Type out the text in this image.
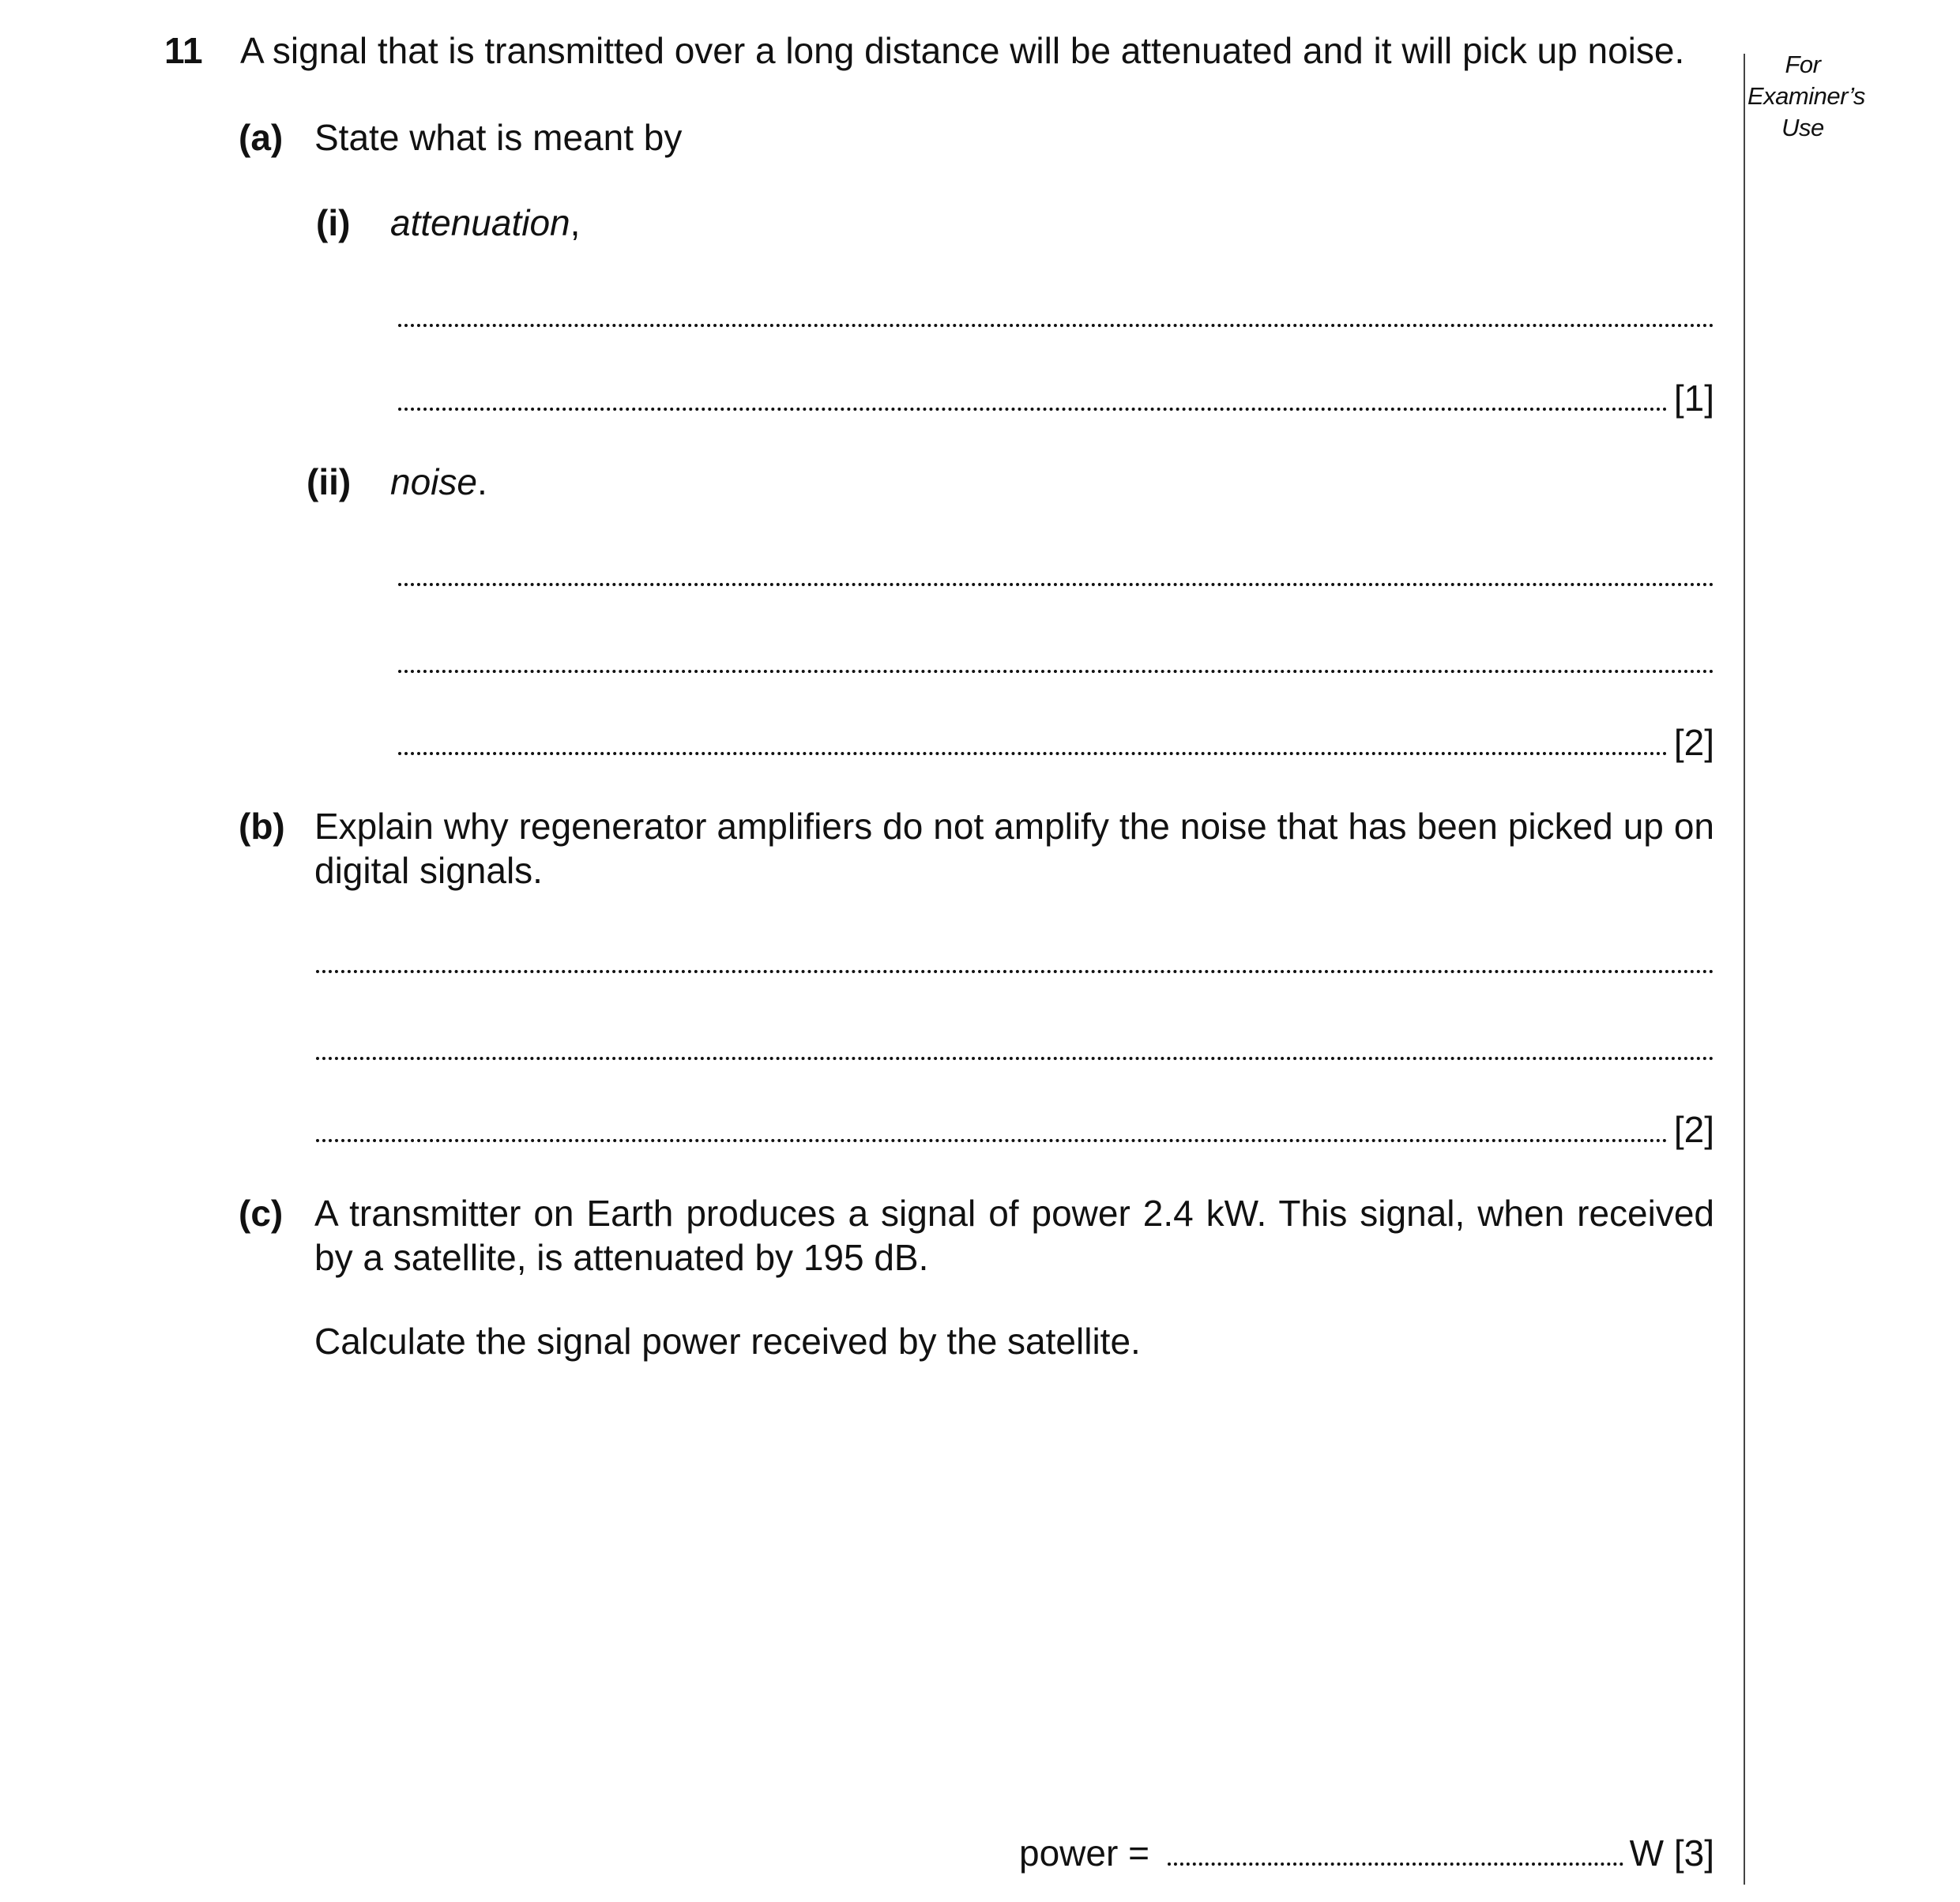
For
Examiner’s
Use
11 A signal that is transmitted over a long distance will be attenuated and it will pick up noise.
(a) State what is meant by
(i) attenuation,
[1]
(ii) noise.
[2]
(b) Explain why regenerator amplifiers do not amplify the noise that has been picked up on digital signals.
[2]
(c) A transmitter on Earth produces a signal of power 2.4 kW. This signal, when received by a satellite, is attenuated by 195 dB.
Calculate the signal power received by the satellite.
power =	W [3]
